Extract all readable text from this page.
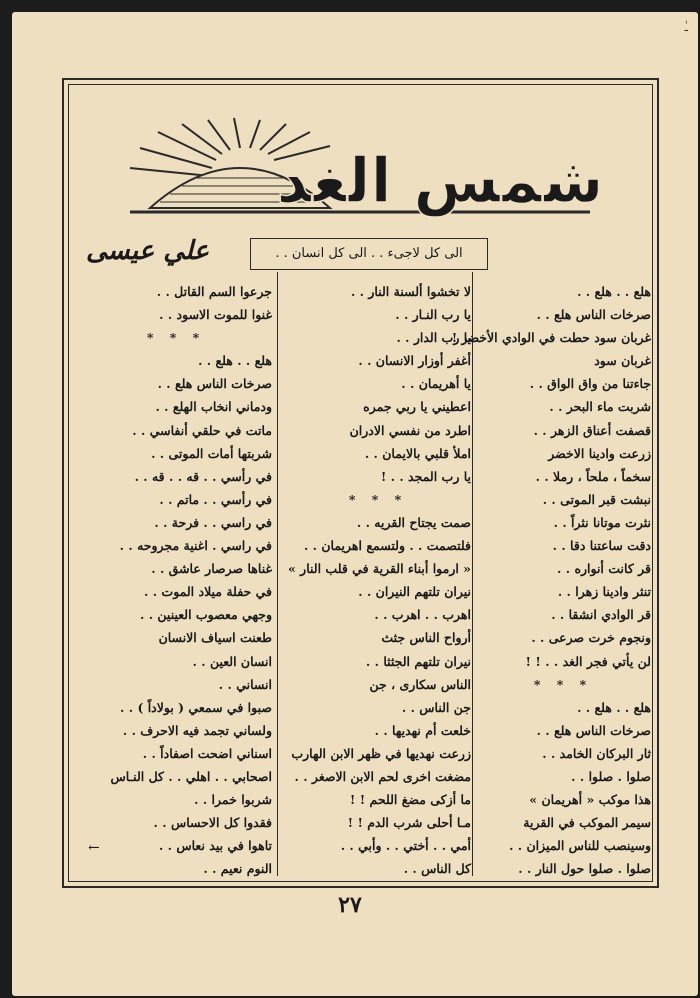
ـٰ
شمس الغد
علي عيسى	الى كل لاجىء . . الى كل انسان . .
هلع . . هلع . .
صرخات الناس هلع . .
غربان سود حطت في الوادي الأخضر !
غربان سود
جاءتنا من واق الواق . .
شربت ماء البحر . .
قصفت أعناق الزهر . .
زرعت وادينا الاخضر
سخماً ، ملحاً ، رملا . .
نبشت قبر الموتى . .
نثرت موتانا نثراً . .
دقت ساعتنا دقا . .
قر كانت أنواره . .
تنثر وادينا زهرا . .
قر الوادي انشقا . .
ونجوم خرت صرعى . .
لن يأتي فجر الغد . . ! !
* * *
هلع . . هلع . .
صرخات الناس هلع . .
ثار البركان الخامد . .
صلوا . صلوا . .
هذا موكب « أهريمان »
سيمر الموكب في القرية
وسينصب للناس الميزان . .
صلوا . صلوا حول النار . .
لا تخشوا ألسنة النار . .
يا رب النـار . .
يا رب الدار . .
أغفر أوزار الانسان . .
يا أهريمان . .
اعطيني يا ربي جمره
اطرد من نفسي الادران
املأ قلبي بالايمان . .
يا رب المجد . . !
* * *
صمت يجتاح القريه . .
فلتصمت . . ولتسمع اهريمان . .
« ارموا أبناء القرية في قلب النار »
نيران تلتهم النيران . .
اهرب . . اهرب . .
أرواح الناس جثث
نيران تلتهم الجثثا . .
الناس سكارى ، جن
جن الناس . .
خلعت أم نهديها . .
زرعت نهديها في ظهر الابن الهارب
مضغت اخرى لحم الابن الاصغر . .
ما أزكى مضغ اللحم ! !
مـا أحلى شرب الدم ! !
أمي . . أختي . . وأبي . .
كل الناس . .
جرعوا السم القاتل . .
غنوا للموت الاسود . .
* * *
هلع . . هلع . .
صرخات الناس هلع . .
ودماني انخاب الهلع . .
ماتت في حلقي أنفاسي . .
شربتها أمات الموتى . .
في رأسي . . قه . . قه . .
في رأسي . . ماتم . .
في راسي . . فرحة . .
في راسي . اغنية مجروحه . .
غناها صرصار عاشق . .
في حفلة ميلاد الموت . .
وجهي معصوب العينين . .
طعنت اسياف الانسان
انسان العين . .
انساني . .
صبوا في سمعي ( بولاداً ) . .
ولساني تجمد فيه الاحرف . .
اسناني اضحت اصفاداً . .
اصحابي . . اهلي . . كل النـاس
شربوا خمرا . .
فقدوا كل الاحساس . .
تاهوا في بيد نعاس . .
النوم نعيم . .
←
٢٧
